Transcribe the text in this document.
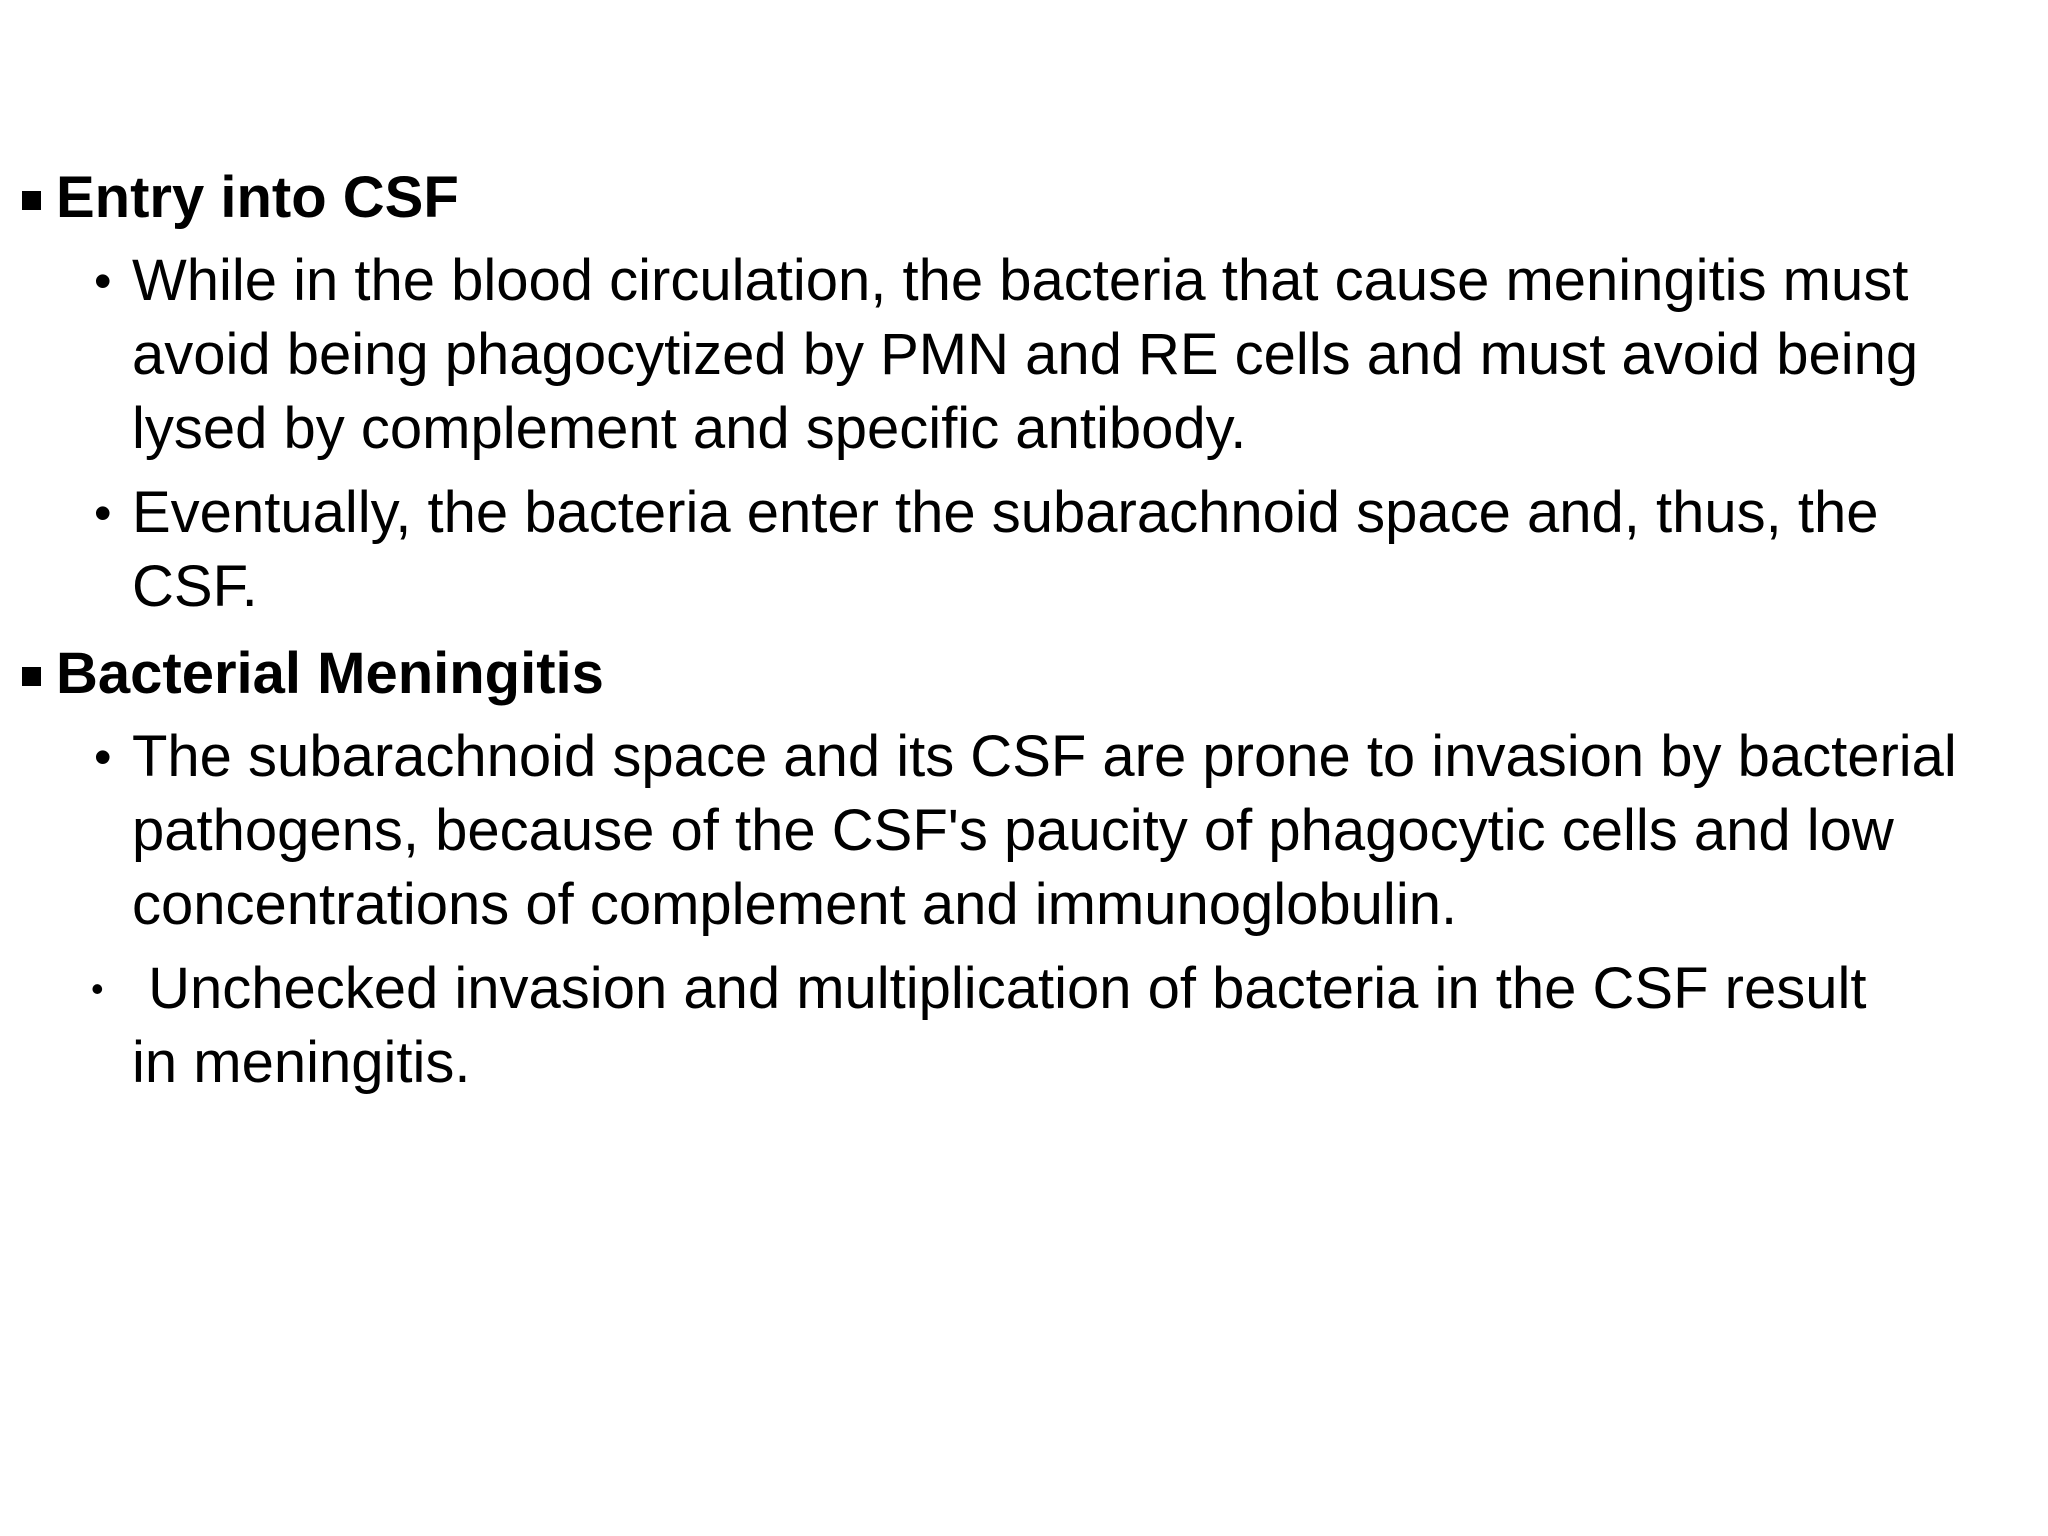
Entry into CSF
• While in the blood circulation, the bacteria that cause meningitis must avoid being phagocytized by PMN and RE cells and must avoid being lysed by complement and specific antibody.
• Eventually, the bacteria enter the subarachnoid space and, thus, the CSF.
Bacterial Meningitis
• The subarachnoid space and its CSF are prone to invasion by bacterial pathogens, because of the CSF's paucity of phagocytic cells and low concentrations of complement and immunoglobulin.
• Unchecked invasion and multiplication of bacteria in the CSF result in meningitis.
